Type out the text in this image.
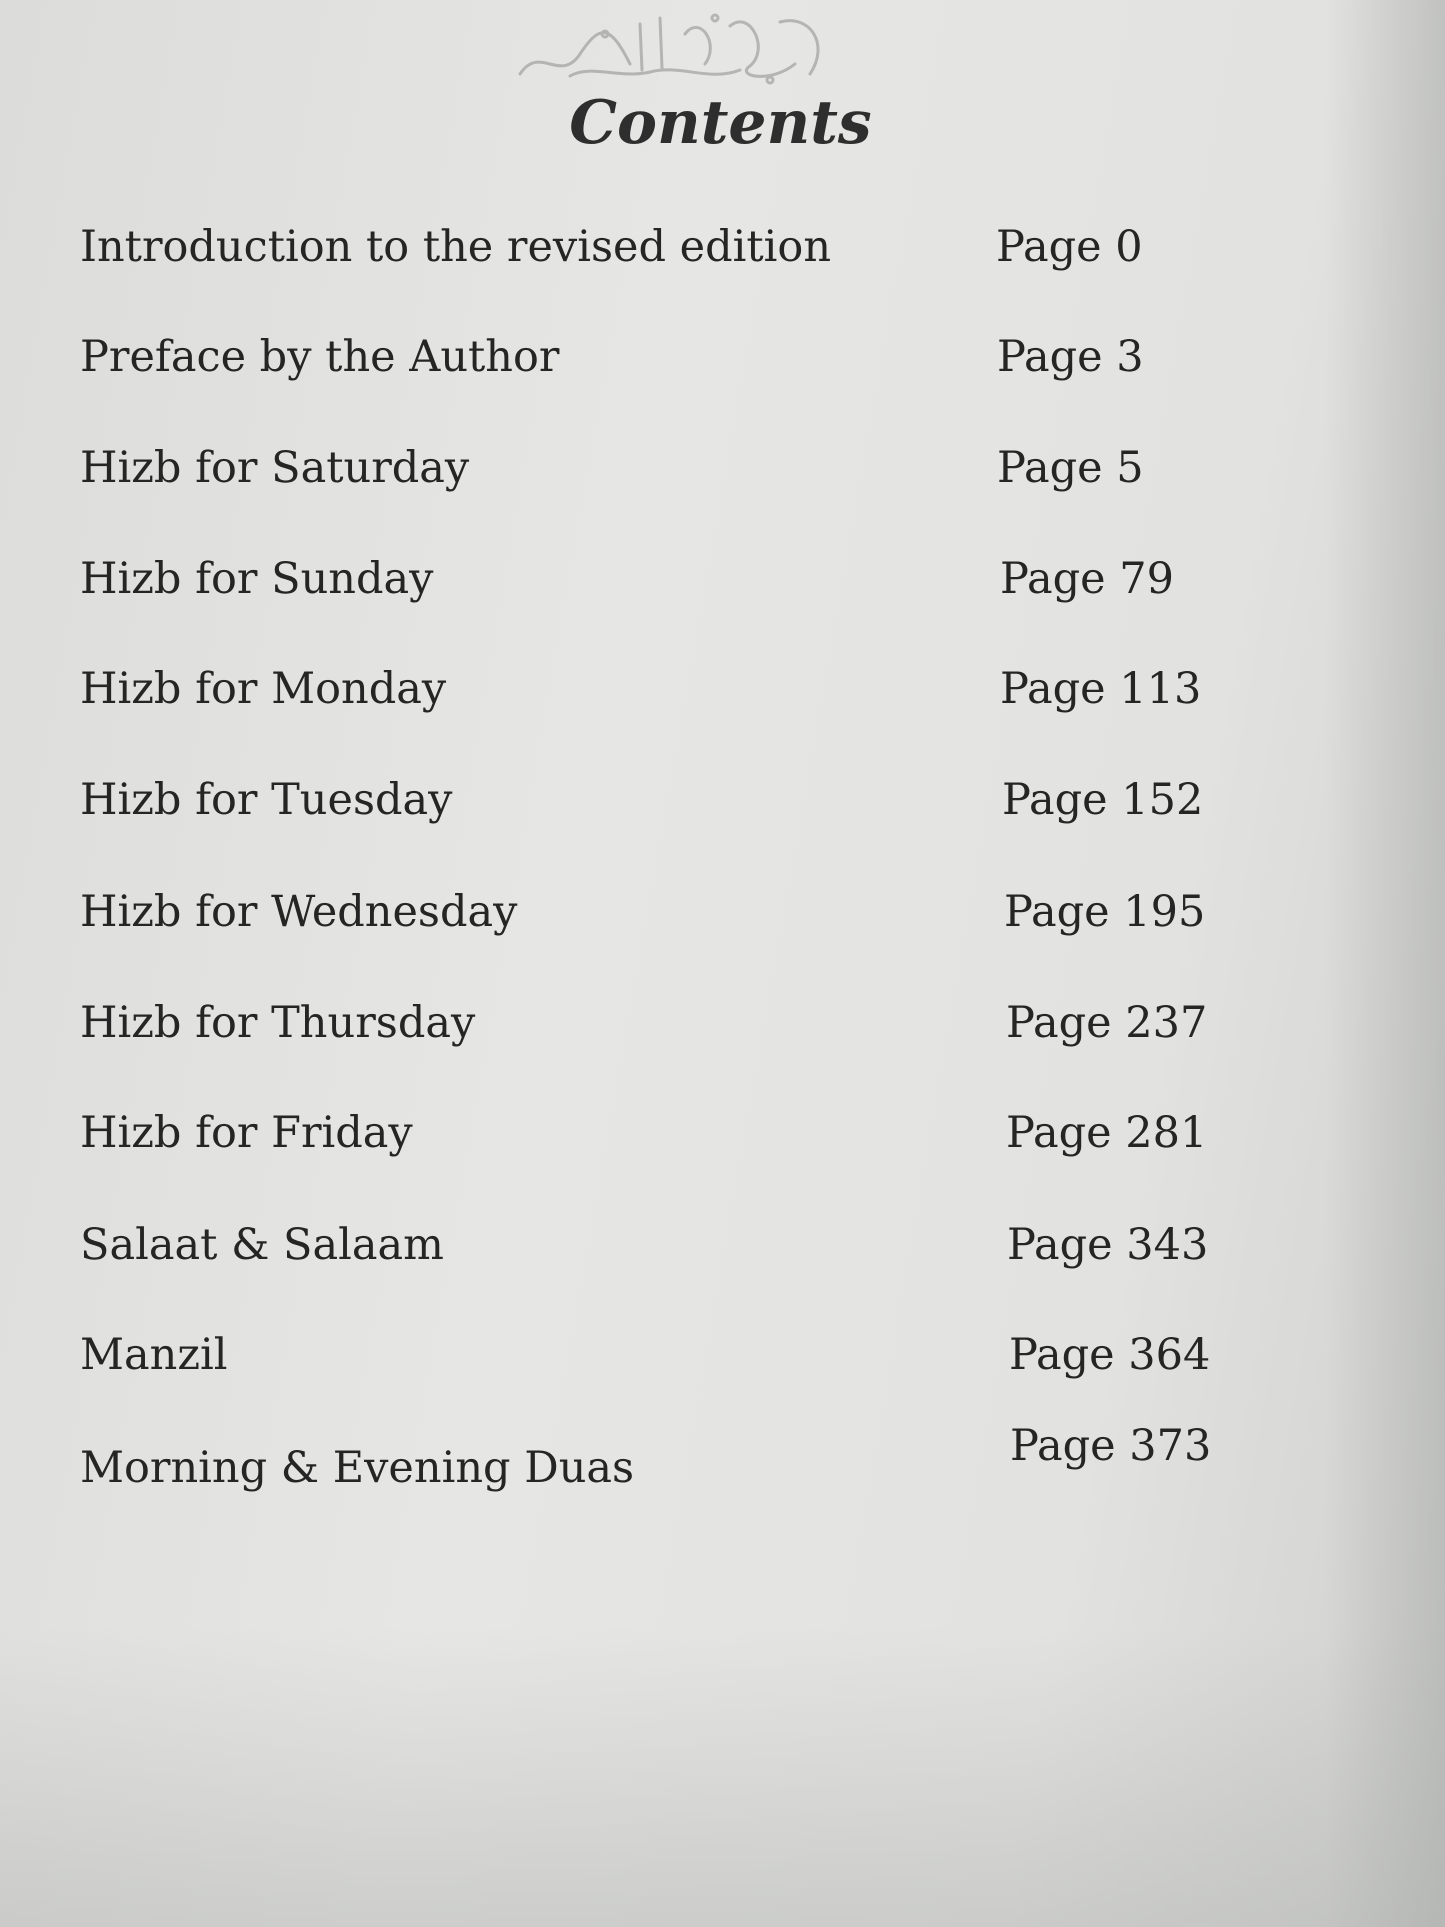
Contents
Introduction to the revised edition	Page 0
Preface by the Author	Page 3
Hizb for Saturday	Page 5
Hizb for Sunday	Page 79
Hizb for Monday	Page 113
Hizb for Tuesday	Page 152
Hizb for Wednesday	Page 195
Hizb for Thursday	Page 237
Hizb for Friday	Page 281
Salaat & Salaam	Page 343
Manzil	Page 364
Morning & Evening Duas	Page 373
